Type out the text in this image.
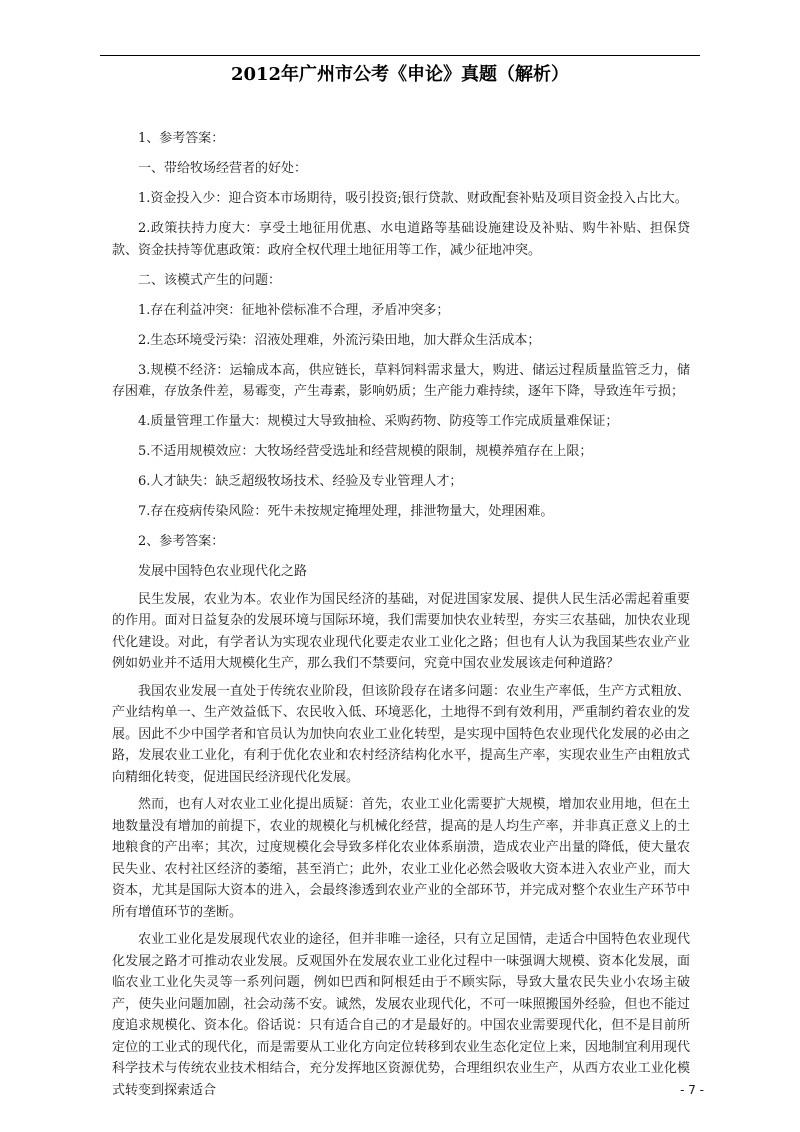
2012年广州市公考《申论》真题（解析）

1、参考答案：

一、带给牧场经营者的好处：

1.资金投入少：迎合资本市场期待，吸引投资;银行贷款、财政配套补贴及项目资金投入占比大。

2.政策扶持力度大：享受土地征用优惠、水电道路等基础设施建设及补贴、购牛补贴、担保贷款、资金扶持等优惠政策：政府全权代理土地征用等工作，减少征地冲突。

二、该模式产生的问题：

1.存在利益冲突：征地补偿标准不合理，矛盾冲突多；

2.生态环境受污染：沼液处理难，外流污染田地，加大群众生活成本；

3.规模不经济：运输成本高，供应链长，草料饲料需求量大，购进、储运过程质量监管乏力，储存困难，存放条件差，易霉变，产生毒素，影响奶质；生产能力难持续，逐年下降，导致连年亏损；

4.质量管理工作量大：规模过大导致抽检、采购药物、防疫等工作完成质量难保证；

5.不适用规模效应：大牧场经营受选址和经营规模的限制，规模养殖存在上限；

6.人才缺失：缺乏超级牧场技术、经验及专业管理人才；

7.存在疫病传染风险：死牛未按规定掩埋处理，排泄物量大，处理困难。

2、参考答案：

发展中国特色农业现代化之路

民生发展，农业为本。农业作为国民经济的基础，对促进国家发展、提供人民生活必需起着重要的作用。面对日益复杂的发展环境与国际环境，我们需要加快农业转型，夯实三农基础，加快农业现代化建设。对此，有学者认为实现农业现代化要走农业工业化之路；但也有人认为我国某些农业产业例如奶业并不适用大规模化生产，那么我们不禁要问，究竟中国农业发展该走何种道路？

我国农业发展一直处于传统农业阶段，但该阶段存在诸多问题：农业生产率低，生产方式粗放、产业结构单一、生产效益低下、农民收入低、环境恶化，土地得不到有效利用，严重制约着农业的发展。因此不少中国学者和官员认为加快向农业工业化转型，是实现中国特色农业现代化发展的必由之路，发展农业工业化，有利于优化农业和农村经济结构化水平，提高生产率，实现农业生产由粗放式向精细化转变，促进国民经济现代化发展。

然而，也有人对农业工业化提出质疑：首先，农业工业化需要扩大规模，增加农业用地，但在土地数量没有增加的前提下，农业的规模化与机械化经营，提高的是人均生产率，并非真正意义上的土地粮食的产出率；其次，过度规模化会导致多样化农业体系崩溃，造成农业产出量的降低，使大量农民失业、农村社区经济的萎缩，甚至消亡；此外，农业工业化必然会吸收大资本进入农业产业，而大资本，尤其是国际大资本的进入，会最终渗透到农业产业的全部环节，并完成对整个农业生产环节中所有增值环节的垄断。

农业工业化是发展现代农业的途径，但并非唯一途径，只有立足国情，走适合中国特色农业现代化发展之路才可推动农业发展。反观国外在发展农业工业化过程中一味强调大规模、资本化发展，面临农业工业化失灵等一系列问题，例如巴西和阿根廷由于不顾实际，导致大量农民失业小农场主破产，使失业问题加剧，社会动荡不安。诚然，发展农业现代化，不可一味照搬国外经验，但也不能过度追求规模化、资本化。俗话说：只有适合自己的才是最好的。中国农业需要现代化，但不是目前所定位的工业式的现代化，而是需要从工业化方向定位转移到农业生态化定位上来，因地制宜利用现代科学技术与传统农业技术相结合，充分发挥地区资源优势，合理组织农业生产，从西方农业工业化模式转变到探索适合	- 7 -
